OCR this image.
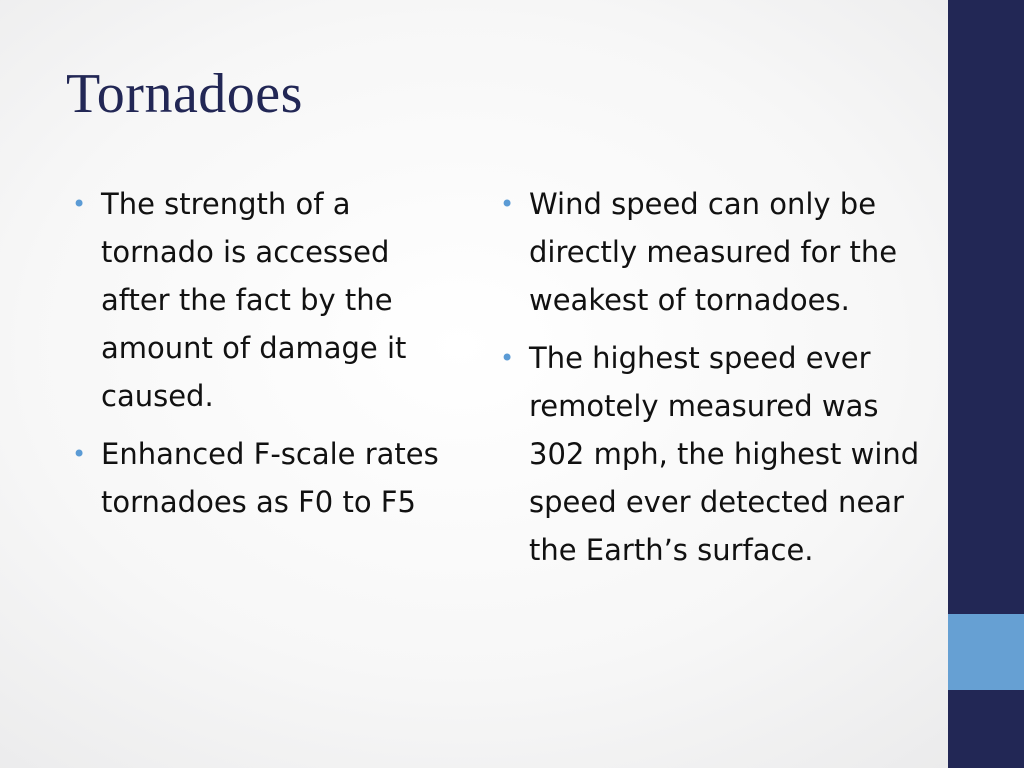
Tornadoes
• The strength of a tornado is accessed after the fact by the amount of damage it caused.
• Enhanced F-scale rates tornadoes as F0 to F5
• Wind speed can only be directly measured for the weakest of tornadoes.
• The highest speed ever remotely measured was 302 mph, the highest wind speed ever detected near the Earth’s surface.
